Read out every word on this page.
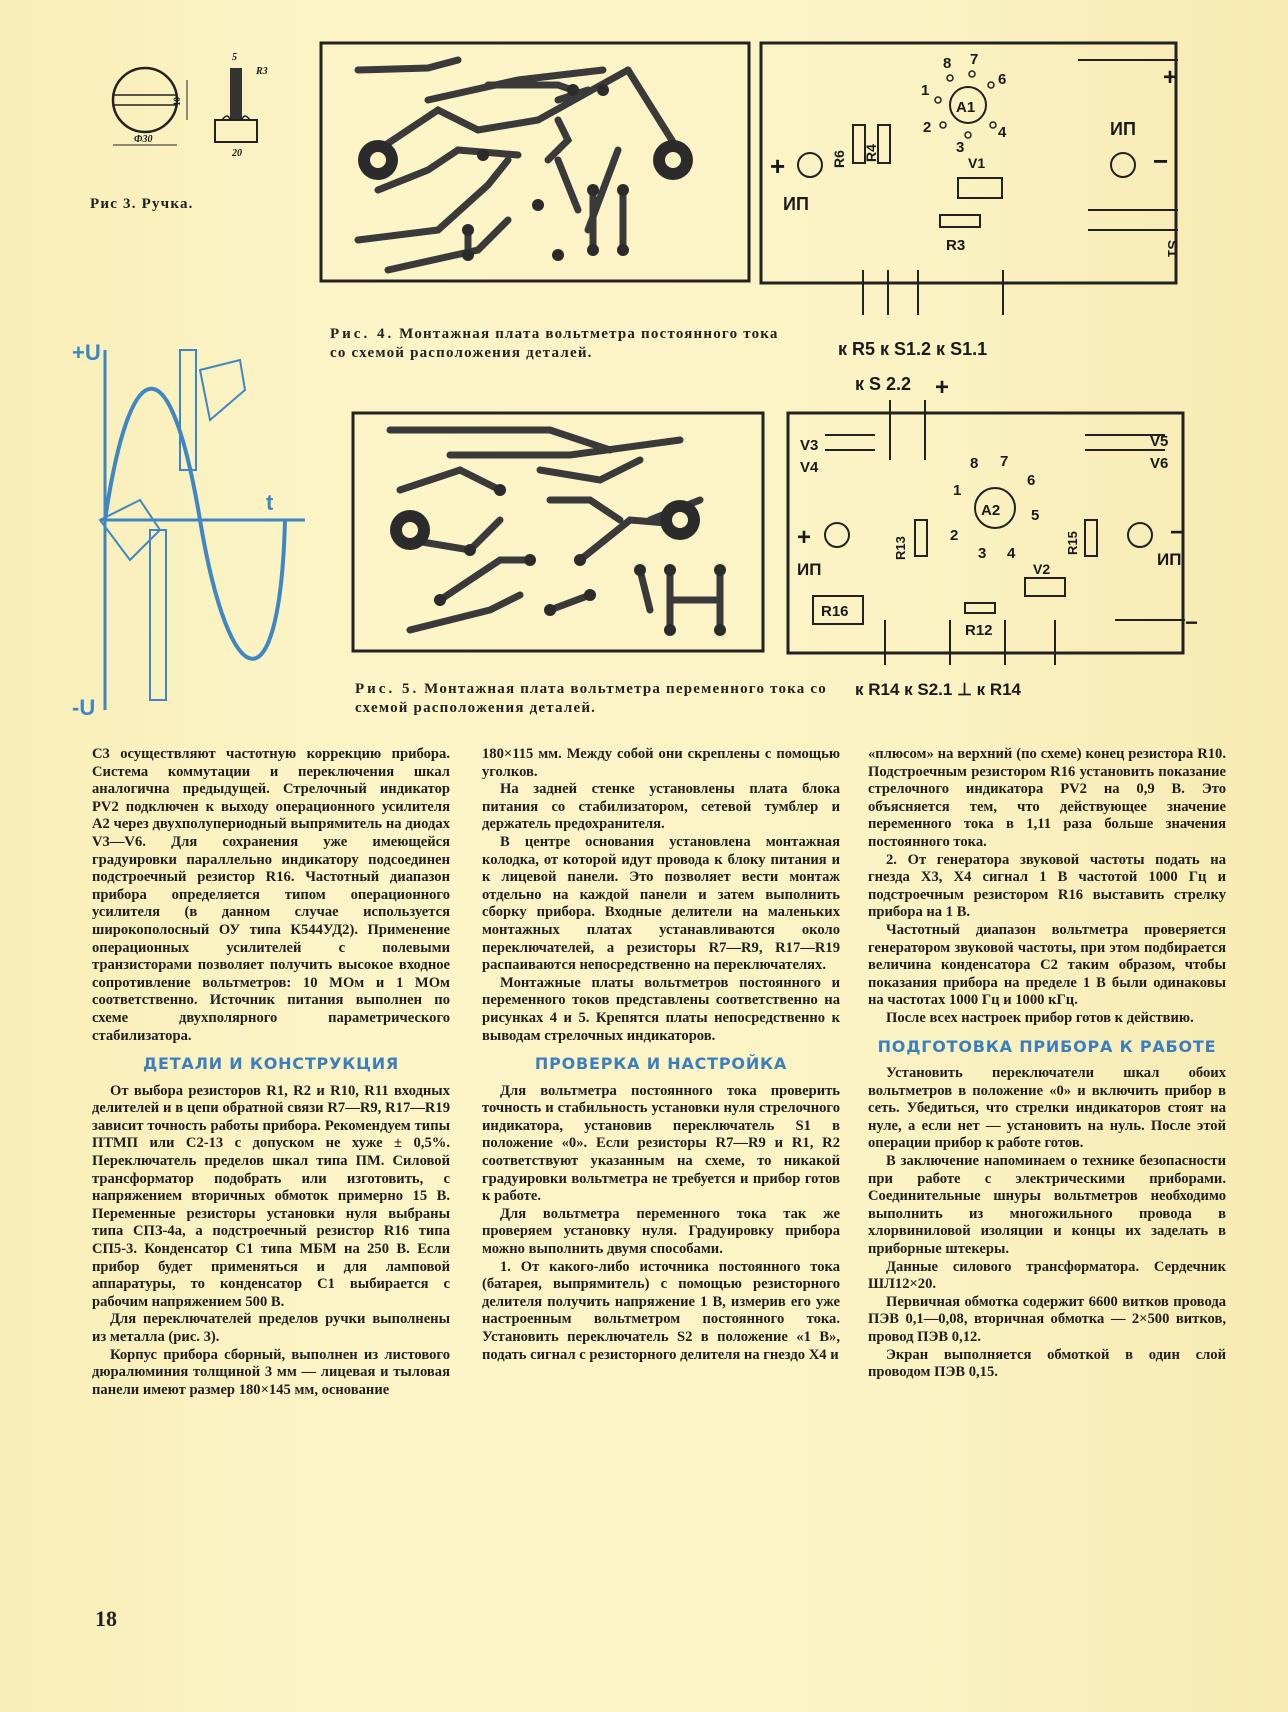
10
Ф30
5
R3
20
Рис 3. Ручка.
+
ИП
ИП
−
A1
8 7
6
1
2
3
4
R6 R4
V1
R3
+
S1
к R5 к S1.2 к S1.1
Рис. 4. Монтажная плата вольтметра постоянного тока со схемой расположения деталей.
+U
-U
t
к S 2.2 +
V3
V4
V5
V6
A2
8 7
6
1
2
3 4
5
+
ИП
ИП
−
R13	R15
V2
R16
R12	−
к R14 к S2.1 ⊥ к R14
Рис. 5. Монтажная плата вольтметра переменного тока со схемой расположения деталей.

С3 осуществляют частотную коррекцию прибора. Система коммутации и переключения шкал аналогична предыдущей. Стрелочный индикатор PV2 подключен к выходу операционного усилителя А2 через двухполупериодный выпрямитель на диодах V3—V6. Для сохранения уже имеющейся градуировки параллельно индикатору подсоединен подстроечный резистор R16. Частотный диапазон прибора определяется типом операционного усилителя (в данном случае используется широкополосный ОУ типа К544УД2). Применение операционных усилителей с полевыми транзисторами позволяет получить высокое входное сопротивление вольтметров: 10 МОм и 1 МОм соответственно. Источник питания выполнен по схеме двухполярного параметрического стабилизатора.

ДЕТАЛИ И КОНСТРУКЦИЯ

От выбора резисторов R1, R2 и R10, R11 входных делителей и в цепи обратной связи R7—R9, R17—R19 зависит точность работы прибора. Рекомендуем типы ПТМП или С2-13 с допуском не хуже ± 0,5%. Переключатель пределов шкал типа ПМ. Силовой трансформатор подобрать или изготовить, с напряжением вторичных обмоток примерно 15 В. Переменные резисторы установки нуля выбраны типа СПЗ-4а, а подстроечный резистор R16 типа СП5-3. Конденсатор С1 типа МБМ на 250 В. Если прибор будет применяться и для ламповой аппаратуры, то конденсатор С1 выбирается с рабочим напряжением 500 В.

Для переключателей пределов ручки выполнены из металла (рис. 3).

Корпус прибора сборный, выполнен из листового дюралюминия толщиной 3 мм — лицевая и тыловая панели имеют размер 180×145 мм, основание

180×115 мм. Между собой они скреплены с помощью уголков.

На задней стенке установлены плата блока питания со стабилизатором, сетевой тумблер и держатель предохранителя.

В центре основания установлена монтажная колодка, от которой идут провода к блоку питания и к лицевой панели. Это позволяет вести монтаж отдельно на каждой панели и затем выполнить сборку прибора. Входные делители на маленьких монтажных платах устанавливаются около переключателей, а резисторы R7—R9, R17—R19 распаиваются непосредственно на переключателях.

Монтажные платы вольтметров постоянного и переменного токов представлены соответственно на рисунках 4 и 5. Крепятся платы непосредственно к выводам стрелочных индикаторов.

ПРОВЕРКА И НАСТРОЙКА

Для вольтметра постоянного тока проверить точность и стабильность установки нуля стрелочного индикатора, установив переключатель S1 в положение «0». Если резисторы R7—R9 и R1, R2 соответствуют указанным на схеме, то никакой градуировки вольтметра не требуется и прибор готов к работе.

Для вольтметра переменного тока так же проверяем установку нуля. Градуировку прибора можно выполнить двумя способами.

1. От какого-либо источника постоянного тока (батарея, выпрямитель) с помощью резисторного делителя получить напряжение 1 В, измерив его уже настроенным вольтметром постоянного тока. Установить переключатель S2 в положение «1 В», подать сигнал с резисторного делителя на гнездо Х4 и

«плюсом» на верхний (по схеме) конец резистора R10. Подстроечным резистором R16 установить показание стрелочного индикатора PV2 на 0,9 В. Это объясняется тем, что действующее значение переменного тока в 1,11 раза больше значения постоянного тока.

2. От генератора звуковой частоты подать на гнезда Х3, Х4 сигнал 1 В частотой 1000 Гц и подстроечным резистором R16 выставить стрелку прибора на 1 В.

Частотный диапазон вольтметра проверяется генератором звуковой частоты, при этом подбирается величина конденсатора С2 таким образом, чтобы показания прибора на пределе 1 В были одинаковы на частотах 1000 Гц и 1000 кГц.

После всех настроек прибор готов к действию.

ПОДГОТОВКА ПРИБОРА К РАБОТЕ

Установить переключатели шкал обоих вольтметров в положение «0» и включить прибор в сеть. Убедиться, что стрелки индикаторов стоят на нуле, а если нет — установить на нуль. После этой операции прибор к работе готов.

В заключение напоминаем о технике безопасности при работе с электрическими приборами. Соединительные шнуры вольтметров необходимо выполнить из многожильного провода в хлорвиниловой изоляции и концы их заделать в приборные штекеры.

Данные силового трансформатора. Сердечник ШЛ12×20.

Первичная обмотка содержит 6600 витков провода ПЭВ 0,1—0,08, вторичная обмотка — 2×500 витков, провод ПЭВ 0,12.

Экран выполняется обмоткой в один слой проводом ПЭВ 0,15.

18
